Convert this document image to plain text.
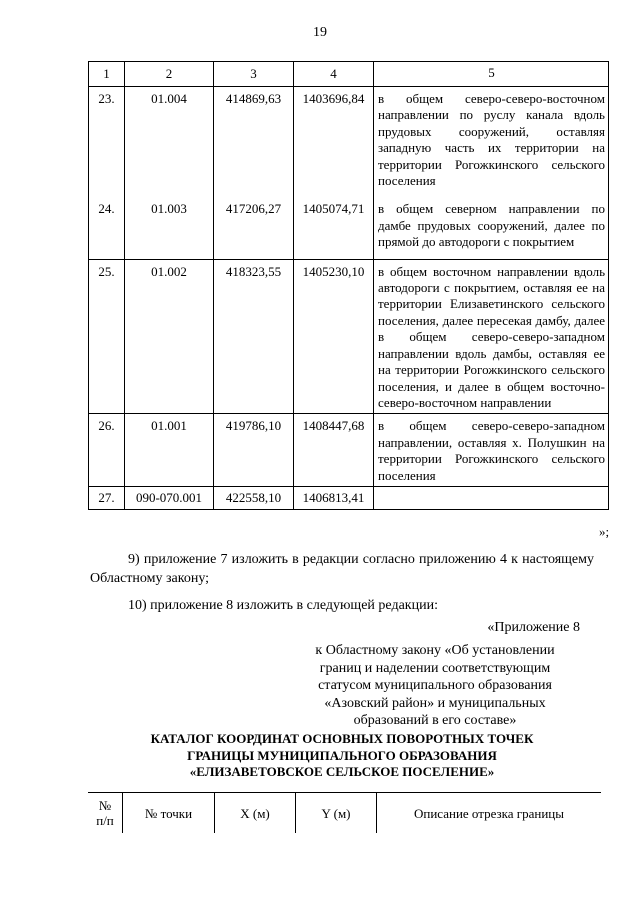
19
1	2	3	4	5
23.	01.004	414869,63	1403696,84	в общем северо-северо-восточном направлении по руслу канала вдоль прудовых сооружений, оставляя западную часть их территории на территории Рогожкинского сельского поселения
24.	01.003	417206,27	1405074,71	в общем северном направлении по дамбе прудовых сооружений, далее по прямой до автодороги с покрытием
25.	01.002	418323,55	1405230,10	в общем восточном направлении вдоль автодороги с покрытием, оставляя ее на территории Елизаветинского сельского поселения, далее пересекая дамбу, далее в общем северо-северо-западном направлении вдоль дамбы, оставляя ее на территории Рогожкинского сельского поселения, и далее в общем восточно-северо-восточном направлении
26.	01.001	419786,10	1408447,68	в общем северо-северо-западном направлении, оставляя х. Полушкин на территории Рогожкинского сельского поселения
27.	090-070.001	422558,10	1406813,41	
»;
9) приложение 7 изложить в редакции согласно приложению 4 к настоящему Областному закону;
10) приложение 8 изложить в следующей редакции:
«Приложение 8
к Областному закону «Об установлении
границ и наделении соответствующим
статусом муниципального образования
«Азовский район» и муниципальных
образований в его составе»
КАТАЛОГ КООРДИНАТ ОСНОВНЫХ ПОВОРОТНЫХ ТОЧЕК
ГРАНИЦЫ МУНИЦИПАЛЬНОГО ОБРАЗОВАНИЯ
«ЕЛИЗАВЕТОВСКОЕ СЕЛЬСКОЕ ПОСЕЛЕНИЕ»
№
п/п	№ точки	X (м)	Y (м)	Описание отрезка границы
